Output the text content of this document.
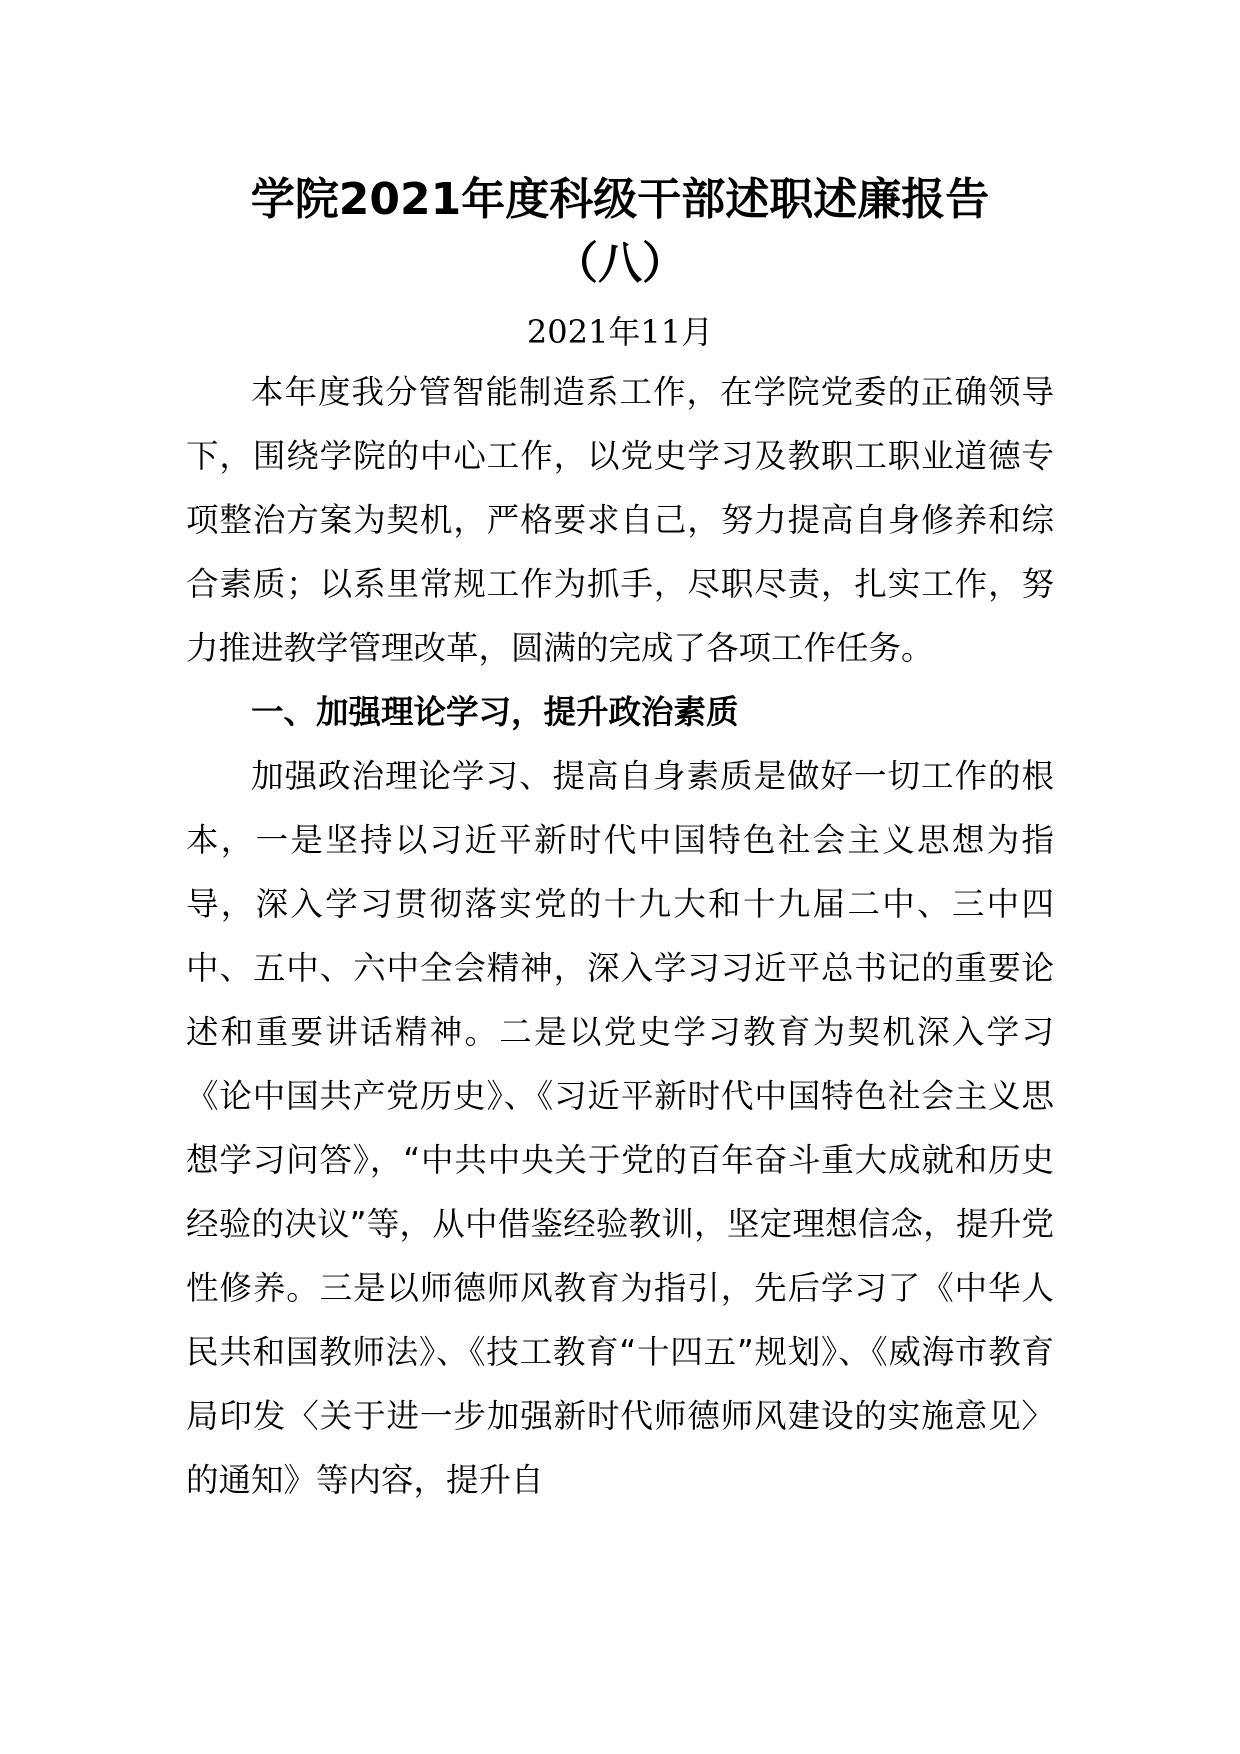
学院2021年度科级干部述职述廉报告
（八）
2021年11月

本年度我分管智能制造系工作，在学院党委的正确领导下，围绕学院的中心工作，以党史学习及教职工职业道德专项整治方案为契机，严格要求自己，努力提高自身修养和综合素质；以系里常规工作为抓手，尽职尽责，扎实工作，努力推进教学管理改革，圆满的完成了各项工作任务。

一、加强理论学习，提升政治素质

加强政治理论学习、提高自身素质是做好一切工作的根本，一是坚持以习近平新时代中国特色社会主义思想为指导，深入学习贯彻落实党的十九大和十九届二中、三中四中、五中、六中全会精神，深入学习习近平总书记的重要论述和重要讲话精神。二是以党史学习教育为契机深入学习《论中国共产党历史》、《习近平新时代中国特色社会主义思想学习问答》，“中共中央关于党的百年奋斗重大成就和历史经验的决议”等，从中借鉴经验教训，坚定理想信念，提升党性修养。三是以师德师风教育为指引，先后学习了《中华人民共和国教师法》、《技工教育“十四五”规划》、《威海市教育局印发〈关于进一步加强新时代师德师风建设的实施意见〉的通知》等内容，提升自
